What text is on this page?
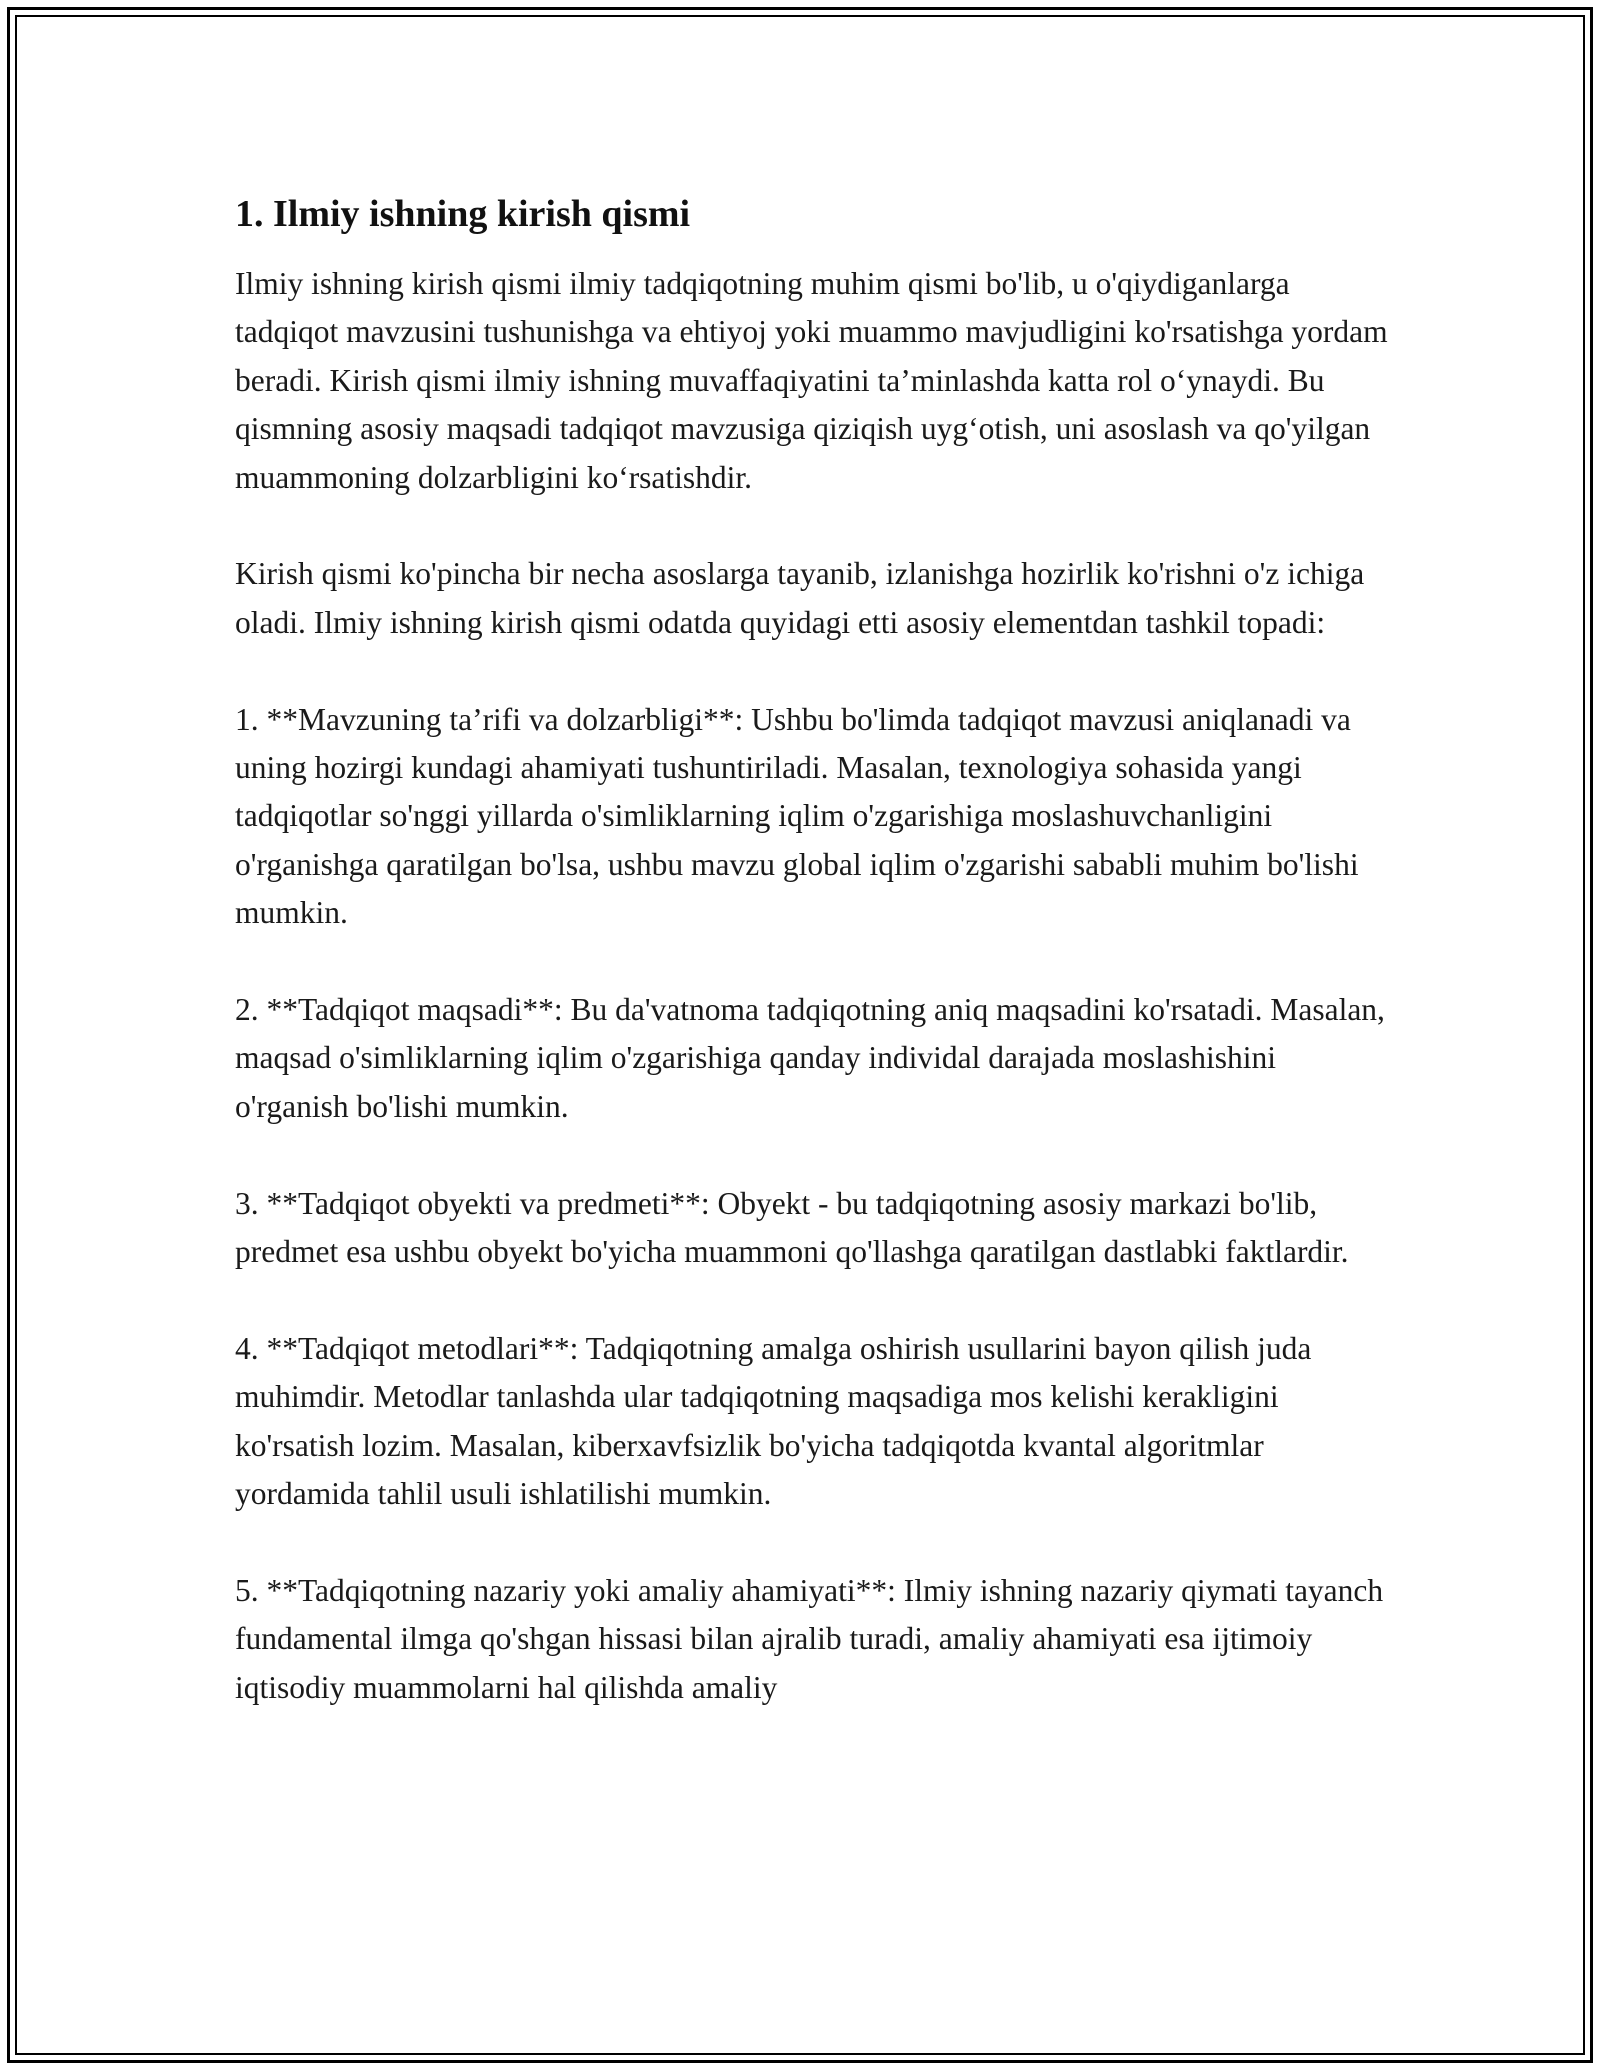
1. Ilmiy ishning kirish qismi

Ilmiy ishning kirish qismi ilmiy tadqiqotning muhim qismi bo'lib, u o'qiydiganlarga tadqiqot mavzusini tushunishga va ehtiyoj yoki muammo mavjudligini ko'rsatishga yordam beradi. Kirish qismi ilmiy ishning muvaffaqiyatini ta’minlashda katta rol o‘ynaydi. Bu qismning asosiy maqsadi tadqiqot mavzusiga qiziqish uyg‘otish, uni asoslash va qo'yilgan muammoning dolzarbligini ko‘rsatishdir.

Kirish qismi ko'pincha bir necha asoslarga tayanib, izlanishga hozirlik ko'rishni o'z ichiga oladi. Ilmiy ishning kirish qismi odatda quyidagi etti asosiy elementdan tashkil topadi:

1. **Mavzuning ta’rifi va dolzarbligi**: Ushbu bo'limda tadqiqot mavzusi aniqlanadi va uning hozirgi kundagi ahamiyati tushuntiriladi. Masalan, texnologiya sohasida yangi tadqiqotlar so'nggi yillarda o'simliklarning iqlim o'zgarishiga moslashuvchanligini o'rganishga qaratilgan bo'lsa, ushbu mavzu global iqlim o'zgarishi sababli muhim bo'lishi mumkin.

2. **Tadqiqot maqsadi**: Bu da'vatnoma tadqiqotning aniq maqsadini ko'rsatadi. Masalan, maqsad o'simliklarning iqlim o'zgarishiga qanday individal darajada moslashishini o'rganish bo'lishi mumkin.

3. **Tadqiqot obyekti va predmeti**: Obyekt - bu tadqiqotning asosiy markazi bo'lib, predmet esa ushbu obyekt bo'yicha muammoni qo'llashga qaratilgan dastlabki faktlardir.

4. **Tadqiqot metodlari**: Tadqiqotning amalga oshirish usullarini bayon qilish juda muhimdir. Metodlar tanlashda ular tadqiqotning maqsadiga mos kelishi kerakligini ko'rsatish lozim. Masalan, kiberxavfsizlik bo'yicha tadqiqotda kvantal algoritmlar yordamida tahlil usuli ishlatilishi mumkin.

5. **Tadqiqotning nazariy yoki amaliy ahamiyati**: Ilmiy ishning nazariy qiymati tayanch fundamental ilmga qo'shgan hissasi bilan ajralib turadi, amaliy ahamiyati esa ijtimoiy iqtisodiy muammolarni hal qilishda amaliy
